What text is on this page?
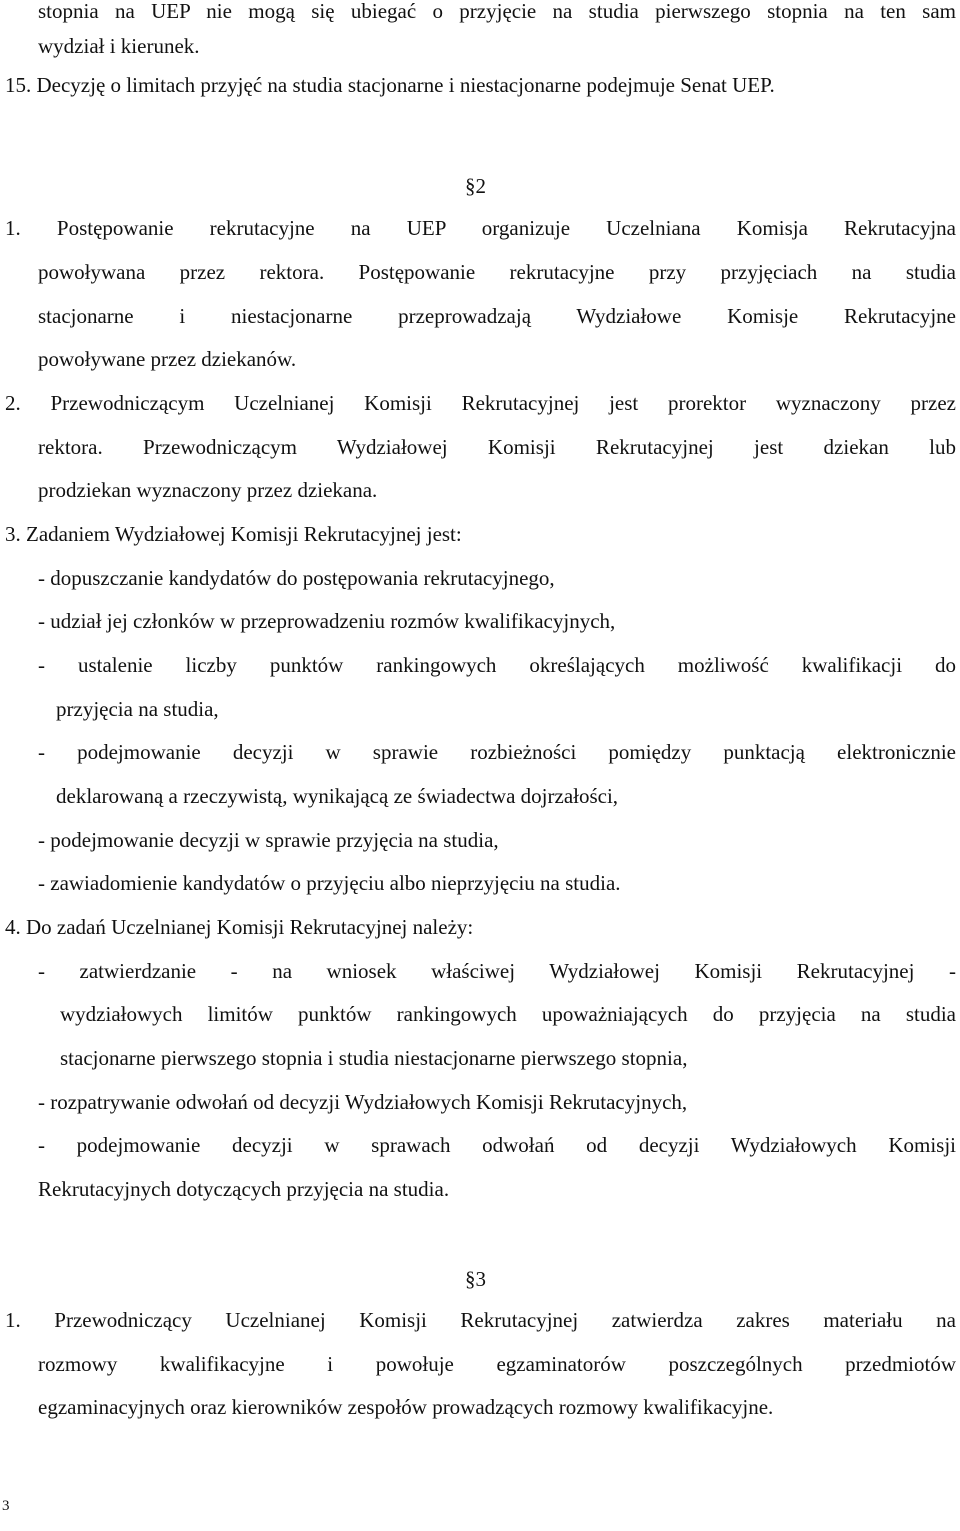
stopnia na UEP nie mogą się ubiegać o przyjęcie na studia pierwszego stopnia na ten sam

wydział i kierunek.

15. Decyzję o limitach przyjęć na studia stacjonarne i niestacjonarne podejmuje Senat UEP.

§2

1. Postępowanie rekrutacyjne na UEP organizuje Uczelniana Komisja Rekrutacyjna

powoływana przez rektora. Postępowanie rekrutacyjne przy przyjęciach na studia

stacjonarne i niestacjonarne przeprowadzają Wydziałowe Komisje Rekrutacyjne

powoływane przez dziekanów.

2. Przewodniczącym Uczelnianej Komisji Rekrutacyjnej jest prorektor wyznaczony przez

rektora. Przewodniczącym Wydziałowej Komisji Rekrutacyjnej jest dziekan lub

prodziekan wyznaczony przez dziekana.

3. Zadaniem Wydziałowej Komisji Rekrutacyjnej jest:

- dopuszczanie kandydatów do postępowania rekrutacyjnego,

- udział jej członków w przeprowadzeniu rozmów kwalifikacyjnych,

- ustalenie liczby punktów rankingowych określających możliwość kwalifikacji do

przyjęcia na studia,

- podejmowanie decyzji w sprawie rozbieżności pomiędzy punktacją elektronicznie

deklarowaną a rzeczywistą, wynikającą ze świadectwa dojrzałości,

- podejmowanie decyzji w sprawie przyjęcia na studia,

- zawiadomienie kandydatów o przyjęciu albo nieprzyjęciu na studia.

4. Do zadań Uczelnianej Komisji Rekrutacyjnej należy:

- zatwierdzanie - na wniosek właściwej Wydziałowej Komisji Rekrutacyjnej -

wydziałowych limitów punktów rankingowych upoważniających do przyjęcia na studia

stacjonarne pierwszego stopnia i studia niestacjonarne pierwszego stopnia,

- rozpatrywanie odwołań od decyzji Wydziałowych Komisji Rekrutacyjnych,

- podejmowanie decyzji w sprawach odwołań od decyzji Wydziałowych Komisji

Rekrutacyjnych dotyczących przyjęcia na studia.

§3

1. Przewodniczący Uczelnianej Komisji Rekrutacyjnej zatwierdza zakres materiału na

rozmowy kwalifikacyjne i powołuje egzaminatorów poszczególnych przedmiotów

egzaminacyjnych oraz kierowników zespołów prowadzących rozmowy kwalifikacyjne.

3
